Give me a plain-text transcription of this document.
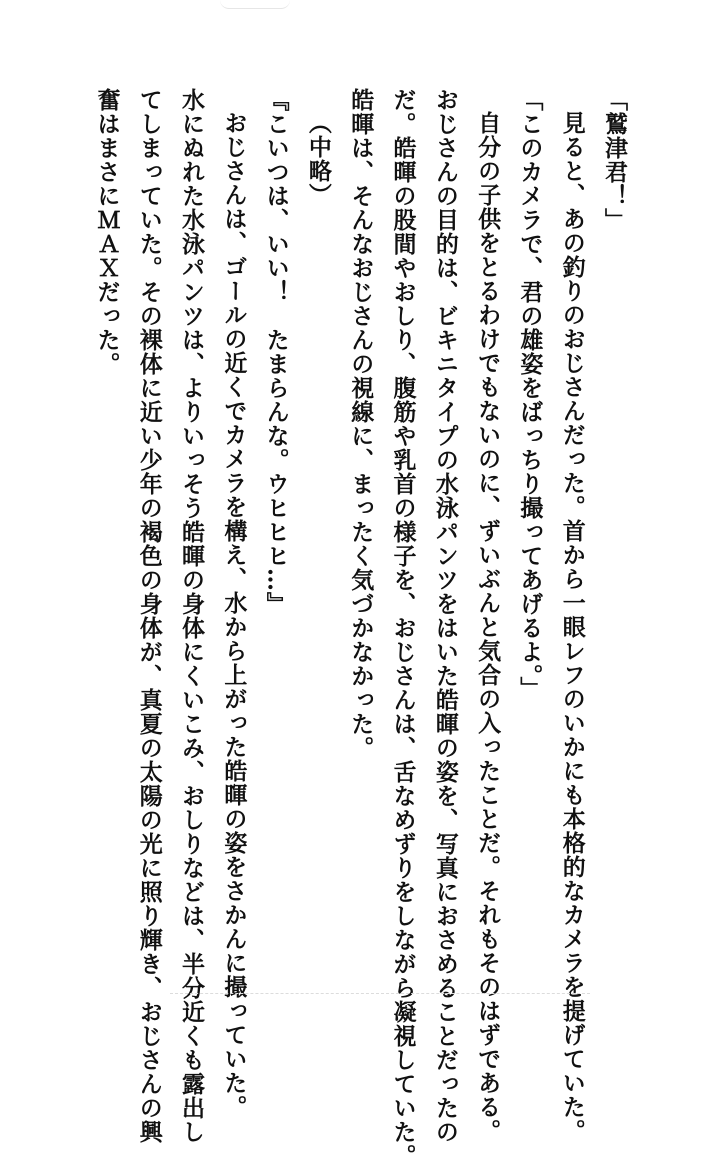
「鷲津君！」
見ると、あの釣りのおじさんだった。首から一眼レフのいかにも本格的なカメラを提げていた。
「このカメラで、君の雄姿をばっちり撮ってあげるよ。」
自分の子供をとるわけでもないのに、ずいぶんと気合の入ったことだ。それもそのはずである。
おじさんの目的は、ビキニタイプの水泳パンツをはいた皓暉の姿を、写真におさめることだったの
だ。皓暉の股間やおしり、腹筋や乳首の様子を、おじさんは、舌なめずりをしながら凝視していた。
皓暉は、そんなおじさんの視線に、まったく気づかなかった。
（中略）
『こいつは、いい！　たまらんな。ウヒヒヒ…』
おじさんは、ゴールの近くでカメラを構え、水から上がった皓暉の姿をさかんに撮っていた。
水にぬれた水泳パンツは、よりいっそう皓暉の身体にくいこみ、おしりなどは、半分近くも露出し
てしまっていた。その裸体に近い少年の褐色の身体が、真夏の太陽の光に照り輝き、おじさんの興
奮はまさにＭＡＸだった。
